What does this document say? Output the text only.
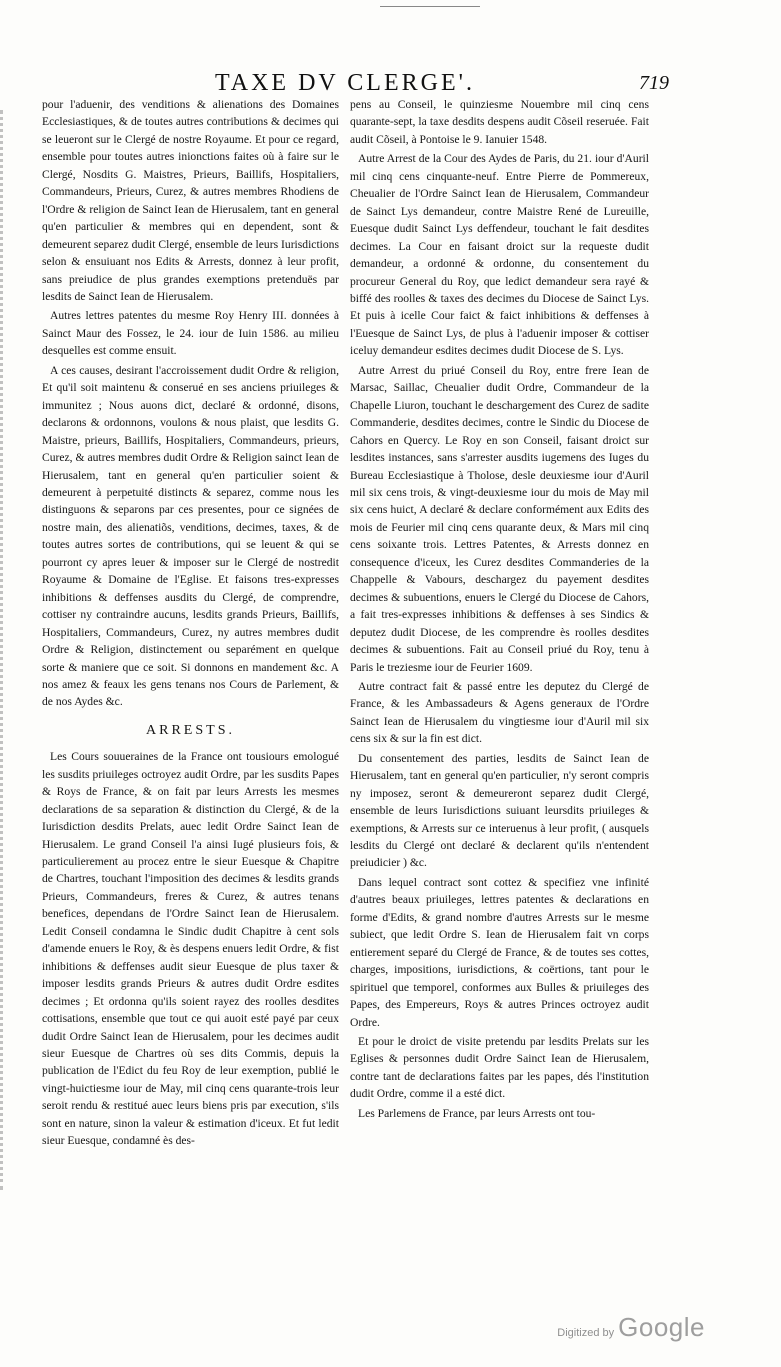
TAXE DV CLERGE'.	719

pour l'aduenir, des venditions & alienations des Domaines Ecclesiastiques, & de toutes autres contributions & decimes qui se leueront sur le Clergé de nostre Royaume. Et pour ce regard, ensemble pour toutes autres inionctions faites où à faire sur le Clergé, Nosdits G. Maistres, Prieurs, Baillifs, Hospitaliers, Commandeurs, Prieurs, Curez, & autres membres Rhodiens de l'Ordre & religion de Sainct Iean de Hierusalem, tant en general qu'en particulier & membres qui en dependent, sont & demeurent separez dudit Clergé, ensemble de leurs Iurisdictions selon & ensuiuant nos Edits & Arrests, donnez à leur profit, sans preiudice de plus grandes exemptions pretenduës par lesdits de Sainct Iean de Hierusalem.

Autres lettres patentes du mesme Roy Henry III. données à Sainct Maur des Fossez, le 24. iour de Iuin 1586. au milieu desquelles est comme ensuit.

A ces causes, desirant l'accroissement dudit Ordre & religion, Et qu'il soit maintenu & conserué en ses anciens priuileges & immunitez ; Nous auons dict, declaré & ordonné, disons, declarons & ordonnons, voulons & nous plaist, que lesdits G. Maistre, prieurs, Baillifs, Hospitaliers, Commandeurs, prieurs, Curez, & autres membres dudit Ordre & Religion sainct Iean de Hierusalem, tant en general qu'en particulier soient & demeurent à perpetuité distincts & separez, comme nous les distinguons & separons par ces presentes, pour ce signées de nostre main, des alienatiõs, venditions, decimes, taxes, & de toutes autres sortes de contributions, qui se leuent & qui se pourront cy apres leuer & imposer sur le Clergé de nostredit Royaume & Domaine de l'Eglise. Et faisons tres-expresses inhibitions & deffenses ausdits du Clergé, de comprendre, cottiser ny contraindre aucuns, lesdits grands Prieurs, Baillifs, Hospitaliers, Commandeurs, Curez, ny autres membres dudit Ordre & Religion, distinctement ou separément en quelque sorte & maniere que ce soit. Si donnons en mandement &c. A nos amez & feaux les gens tenans nos Cours de Parlement, & de nos Aydes &c.

ARRESTS.

Les Cours souueraines de la France ont tousiours emologué les susdits priuileges octroyez audit Ordre, par les susdits Papes & Roys de France, & on fait par leurs Arrests les mesmes declarations de sa separation & distinction du Clergé, & de la Iurisdiction desdits Prelats, auec ledit Ordre Sainct Iean de Hierusalem. Le grand Conseil l'a ainsi Iugé plusieurs fois, & particulierement au procez entre le sieur Euesque & Chapitre de Chartres, touchant l'imposition des decimes & lesdits grands Prieurs, Commandeurs, freres & Curez, & autres tenans benefices, dependans de l'Ordre Sainct Iean de Hierusalem. Ledit Conseil condamna le Sindic dudit Chapitre à cent sols d'amende enuers le Roy, & ès despens enuers ledit Ordre, & fist inhibitions & deffenses audit sieur Euesque de plus taxer & imposer lesdits grands Prieurs & autres dudit Ordre esdites decimes ; Et ordonna qu'ils soient rayez des roolles desdites cottisations, ensemble que tout ce qui auoit esté payé par ceux dudit Ordre Sainct Iean de Hierusalem, pour les decimes audit sieur Euesque de Chartres où ses dits Commis, depuis la publication de l'Edict du feu Roy de leur exemption, publié le vingt-huictiesme iour de May, mil cinq cens quarante-trois leur seroit rendu & restitué auec leurs biens pris par execution, s'ils sont en nature, sinon la valeur & estimation d'iceux. Et fut ledit sieur Euesque, condamné ès des-

pens au Conseil, le quinziesme Nouembre mil cinq cens quarante-sept, la taxe desdits despens audit Cõseil reseruée. Fait audit Cõseil, à Pontoise le 9. Ianuier 1548.

Autre Arrest de la Cour des Aydes de Paris, du 21. iour d'Auril mil cinq cens cinquante-neuf. Entre Pierre de Pommereux, Cheualier de l'Ordre Sainct Iean de Hierusalem, Commandeur de Sainct Lys demandeur, contre Maistre René de Lureuille, Euesque dudit Sainct Lys deffendeur, touchant le fait desdites decimes. La Cour en faisant droict sur la requeste dudit demandeur, a ordonné & ordonne, du consentement du procureur General du Roy, que ledict demandeur sera rayé & biffé des roolles & taxes des decimes du Diocese de Sainct Lys. Et puis à icelle Cour faict & faict inhibitions & deffenses à l'Euesque de Sainct Lys, de plus à l'aduenir imposer & cottiser iceluy demandeur esdites decimes dudit Diocese de S. Lys.

Autre Arrest du priué Conseil du Roy, entre frere Iean de Marsac, Saillac, Cheualier dudit Ordre, Commandeur de la Chapelle Liuron, touchant le deschargement des Curez de sadite Commanderie, desdites decimes, contre le Sindic du Diocese de Cahors en Quercy. Le Roy en son Conseil, faisant droict sur lesdites instances, sans s'arrester ausdits iugemens des Iuges du Bureau Ecclesiastique à Tholose, desle deuxiesme iour d'Auril mil six cens trois, & vingt-deuxiesme iour du mois de May mil six cens huict, A declaré & declare conformément aux Edits des mois de Feurier mil cinq cens quarante deux, & Mars mil cinq cens soixante trois. Lettres Patentes, & Arrests donnez en consequence d'iceux, les Curez desdites Commanderies de la Chappelle & Vabours, deschargez du payement desdites decimes & subuentions, enuers le Clergé du Diocese de Cahors, a fait tres-expresses inhibitions & deffenses à ses Sindics & deputez dudit Diocese, de les comprendre ès roolles desdites decimes & subuentions. Fait au Conseil priué du Roy, tenu à Paris le treziesme iour de Feurier 1609.

Autre contract fait & passé entre les deputez du Clergé de France, & les Ambassadeurs & Agens generaux de l'Ordre Sainct Iean de Hierusalem du vingtiesme iour d'Auril mil six cens six & sur la fin est dict.

Du consentement des parties, lesdits de Sainct Iean de Hierusalem, tant en general qu'en particulier, n'y seront compris ny imposez, seront & demeureront separez dudit Clergé, ensemble de leurs Iurisdictions suiuant leursdits priuileges & exemptions, & Arrests sur ce interuenus à leur profit, ( ausquels lesdits du Clergé ont declaré & declarent qu'ils n'entendent preiudicier ) &c.

Dans lequel contract sont cottez & specifiez vne infinité d'autres beaux priuileges, lettres patentes & declarations en forme d'Edits, & grand nombre d'autres Arrests sur le mesme subiect, que ledit Ordre S. Iean de Hierusalem fait vn corps entierement separé du Clergé de France, & de toutes ses cottes, charges, impositions, iurisdictions, & coërtions, tant pour le spirituel que temporel, conformes aux Bulles & priuileges des Papes, des Empereurs, Roys & autres Princes octroyez audit Ordre.

Et pour le droict de visite pretendu par lesdits Prelats sur les Eglises & personnes dudit Ordre Sainct Iean de Hierusalem, contre tant de declarations faites par les papes, dés l'institution dudit Ordre, comme il a esté dict.

Les Parlemens de France, par leurs Arrests ont tou-

Digitized by Google
